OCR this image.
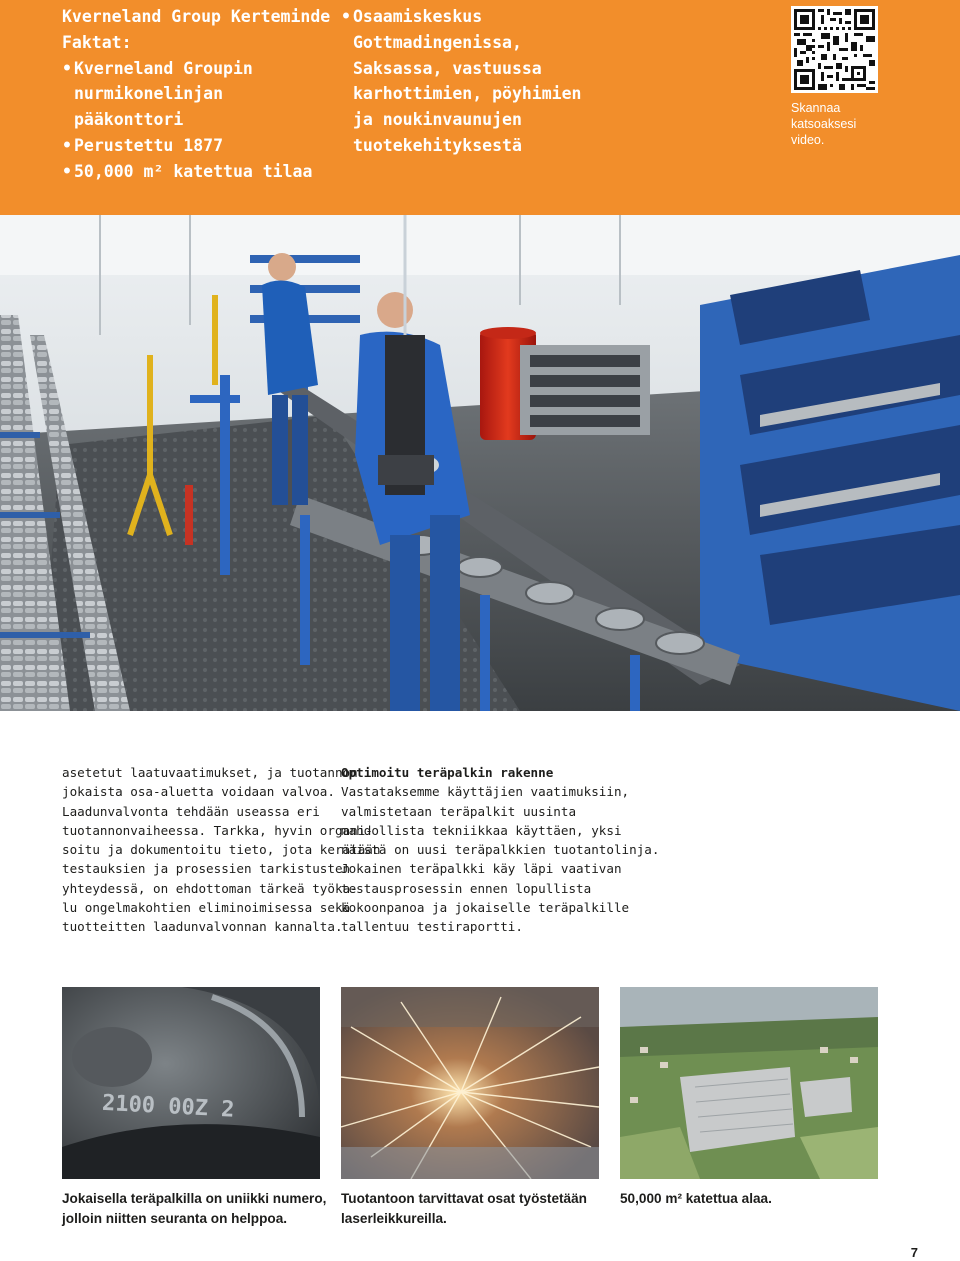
Kverneland Group Kerteminde
Faktat:
• Kverneland Groupin
nurmikonelinjan
pääkonttori
• Perustettu 1877
• 50,000 m² katettua tilaa
• Osaamiskeskus
Gottmadingenissa,
Saksassa, vastuussa
karhottimien, pöyhimien
ja noukinvaunujen
tuotekehityksestä
Skannaa
katsoaksesi
video.
asetetut laatuvaatimukset, ja tuotannon
jokaista osa-aluetta voidaan valvoa.
Laadunvalvonta tehdään useassa eri
tuotannonvaiheessa. Tarkka, hyvin organi-
soitu ja dokumentoitu tieto, jota kerätään
testauksien ja prosessien tarkistusten
yhteydessä, on ehdottoman tärkeä työka-
lu ongelmakohtien eliminoimisessa sekä
tuotteitten laadunvalvonnan kannalta.
Optimoitu teräpalkin rakenne
Vastataksemme käyttäjien vaatimuksiin,
valmistetaan teräpalkit uusinta
mahdollista tekniikkaa käyttäen, yksi
näistä on uusi teräpalkkien tuotantolinja.
Jokainen teräpalkki käy läpi vaativan
testausprosessin ennen lopullista
kokoonpanoa ja jokaiselle teräpalkille
tallentuu testiraportti.
2100 00Z 2
Jokaisella teräpalkilla on uniikki numero,
jolloin niitten seuranta on helppoa.
Tuotantoon tarvittavat osat työstetään
laserleikkureilla.
50,000 m² katettua alaa.
7
